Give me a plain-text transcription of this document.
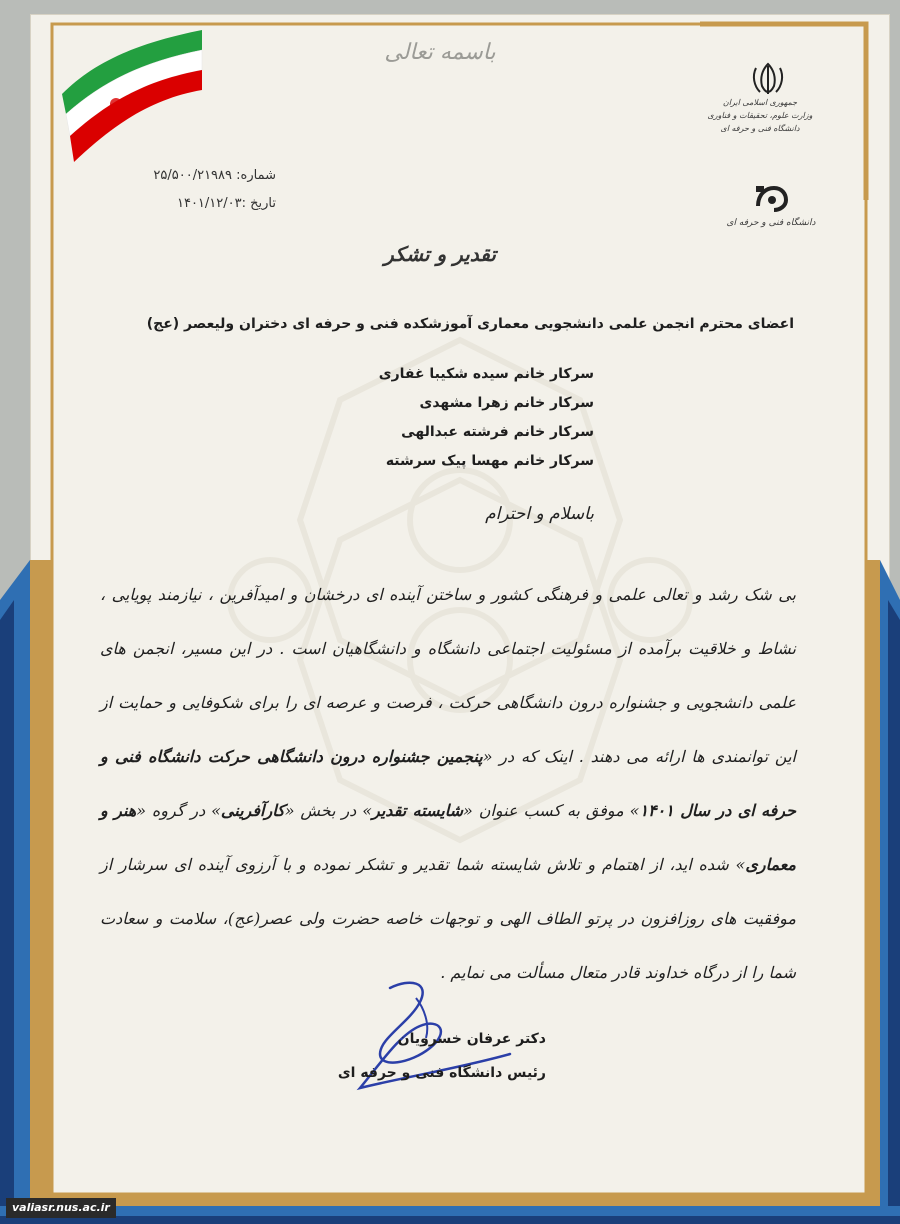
باسمه تعالی
جمهوری اسلامی ایران
وزارت علوم، تحقیقات و فناوری
دانشگاه فنی و حرفه ای
دانشگاه فنی و حرفه ای
شماره: ۲۵/۵۰۰/۲۱۹۸۹
تاریخ :۱۴۰۱/۱۲/۰۳
تقدیر و تشکر
اعضای محترم انجمن علمی دانشجویی معماری آموزشکده فنی و حرفه ای دختران ولیعصر (عج)
سرکار خانم سیده شکیبا غفاری
سرکار خانم زهرا مشهدی
سرکار خانم فرشته عبدالهی
سرکار خانم مهسا پیک سرشته
باسلام و احترام
بی شک رشد و تعالی علمی و فرهنگی کشور و ساختن آینده ای درخشان و امیدآفرین ، نیازمند پویایی ، نشاط و خلاقیت برآمده از مسئولیت اجتماعی دانشگاه و دانشگاهیان است . در این مسیر، انجمن های علمی دانشجویی و جشنواره درون دانشگاهی حرکت ، فرصت و عرصه ای را برای شکوفایی و حمایت از این توانمندی ها ارائه می دهند . اینک که در «پنجمین جشنواره درون دانشگاهی حرکت دانشگاه فنی و حرفه ای در سال ۱۴۰۱» موفق به کسب عنوان «شایسته تقدیر» در بخش «کارآفرینی» در گروه «هنر و معماری» شده اید، از اهتمام و تلاش شایسته شما تقدیر و تشکر نموده و با آرزوی آینده ای سرشار از موفقیت های روزافزون در پرتو الطاف الهی و توجهات خاصه حضرت ولی عصر(عج)، سلامت و سعادت شما را از درگاه خداوند قادر متعال مسألت می نمایم .
دکتر عرفان خسرویان
رئیس دانشگاه فنی و حرفه ای
valiasr.nus.ac.ir
